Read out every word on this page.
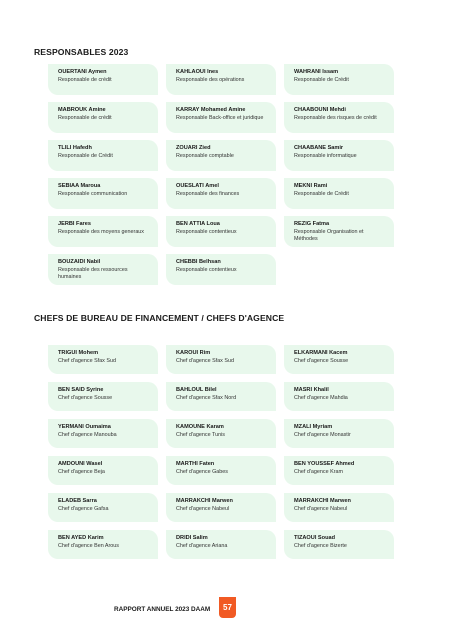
RESPONSABLES 2023
OUERTANI Aymen
Responsable de crédit
KAHLAOUI Ines
Responsable des opérations
WAHRANI Issam
Responsable de Crédit
MABROUK Amine
Responsable de crédit
KARRAY Mohamed Amine
Responsable Back-office et juridique
CHAABOUNI Mehdi
Responsable des risques de crédit
TLILI Hafedh
Responsable de Crédit
ZOUARI Zied
Responsable comptable
CHAABANE Samir
Responsable informatique
SEBIAA Maroua
Responsable communication
OUESLATI Amel
Responsable des finances
MEKNI Rami
Responsable de Crédit
JERBI Fares
Responsable des moyens generaux
BEN ATTIA Loua
Responsable contentieux
REZIG Fatma
Responsable Organisation et Méthodes
BOUZAIDI Nabil
Responsable des ressources humaines
CHEBBI Belhsan
Responsable contentieux
CHEFS DE BUREAU DE FINANCEMENT / CHEFS D'AGENCE
TRIGUI Mohem
Chef d'agence Sfax Sud
KAROUI Rim
Chef d'agence Sfax Sud
ELKARMANI Kacem
Chef d'agence Sousse
BEN SAID Syrine
Chef d'agence Sousse
BAHLOUL Bilel
Chef d'agence Sfax Nord
MASRI Khalil
Chef d'agence Mahdia
YERMANI Oumaima
Chef d'agence Manouba
KAMOUNE Karam
Chef d'agence Tunis
MZALI Myriam
Chef d'agence Monastir
AMDOUNI Wasel
Chef d'agence Beja
MARTHI Faten
Chef d'agence Gabes
BEN YOUSSEF Ahmed
Chef d'agence Kram
ELADEB Sarra
Chef d'agence Gafsa
MARRAKCHI Marwen
Chef d'agence Nabeul
MARRAKCHI Marwen
Chef d'agence Nabeul
BEN AYED Karim
Chef d'agence Ben Arous
DRIDI Salim
Chef d'agence Ariana
TIZAOUI Souad
Chef d'agence Bizerte
RAPPORT ANNUEL 2023 DAAM	57
